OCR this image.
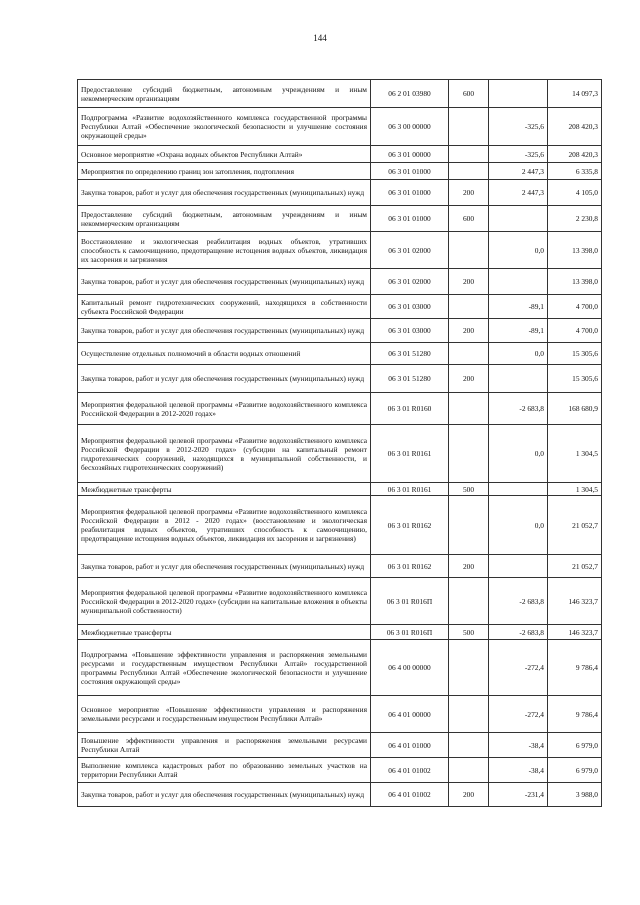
144
Предоставление субсидий бюджетным, автономным учреждениям и иным некоммерческим организациям	06 2 01 03980	600		14 097,3
Подпрограмма «Развитие водохозяйственного комплекса государственной программы Республики Алтай «Обеспечение экологической безопасности и улучшение состояния окружающей среды»	06 3 00 00000		-325,6	208 420,3
Основное мероприятие «Охрана водных объектов Республики Алтай»	06 3 01 00000		-325,6	208 420,3
Мероприятия по определению границ зон затопления, подтопления	06 3 01 01000		2 447,3	6 335,8
Закупка товаров, работ и услуг для обеспечения государственных (муниципальных) нужд	06 3 01 01000	200	2 447,3	4 105,0
Предоставление субсидий бюджетным, автономным учреждениям и иным некоммерческим организациям	06 3 01 01000	600		2 230,8
Восстановление и экологическая реабилитация водных объектов, утративших способность к самоочищению, предотвращение истощения водных объектов, ликвидация их засорения и загрязнения	06 3 01 02000		0,0	13 398,0
Закупка товаров, работ и услуг для обеспечения государственных (муниципальных) нужд	06 3 01 02000	200		13 398,0
Капитальный ремонт гидротехнических сооружений, находящихся в собственности субъекта Российской Федерации	06 3 01 03000		-89,1	4 700,0
Закупка товаров, работ и услуг для обеспечения государственных (муниципальных) нужд	06 3 01 03000	200	-89,1	4 700,0
Осуществление отдельных полномочий в области водных отношений	06 3 01 51280		0,0	15 305,6
Закупка товаров, работ и услуг для обеспечения государственных (муниципальных) нужд	06 3 01 51280	200		15 305,6
Мероприятия федеральной целевой программы «Развитие водохозяйственного комплекса Российской Федерации в 2012-2020 годах»	06 3 01 R0160		-2 683,8	168 680,9
Мероприятия федеральной целевой программы «Развитие водохозяйственного комплекса Российской Федерации в 2012-2020 годах» (субсидии на капитальный ремонт гидротехнических сооружений, находящихся в муниципальной собственности, и бесхозяйных гидротехнических сооружений)	06 3 01 R0161		0,0	1 304,5
Межбюджетные трансферты	06 3 01 R0161	500		1 304,5
Мероприятия федеральной целевой программы «Развитие водохозяйственного комплекса Российской Федерации в 2012 - 2020 годах» (восстановление и экологическая реабилитация водных объектов, утративших способность к самоочищению, предотвращение истощения водных объектов, ликвидация их засорения и загрязнения)	06 3 01 R0162		0,0	21 052,7
Закупка товаров, работ и услуг для обеспечения государственных (муниципальных) нужд	06 3 01 R0162	200		21 052,7
Мероприятия федеральной целевой программы «Развитие водохозяйственного комплекса Российской Федерации в 2012-2020 годах» (субсидии на капитальные вложения в объекты муниципальной собственности)	06 3 01 R016П		-2 683,8	146 323,7
Межбюджетные трансферты	06 3 01 R016П	500	-2 683,8	146 323,7
Подпрограмма «Повышение эффективности управления и распоряжения земельными ресурсами и государственным имуществом Республики Алтай» государственной программы Республики Алтай «Обеспечение экологической безопасности и улучшение состояния окружающей среды»	06 4 00 00000		-272,4	9 786,4
Основное мероприятие «Повышение эффективности управления и распоряжения земельными ресурсами и государственным имуществом Республики Алтай»	06 4 01 00000		-272,4	9 786,4
Повышение эффективности управления и распоряжения земельными ресурсами Республики Алтай	06 4 01 01000		-38,4	6 979,0
Выполнение комплекса кадастровых работ по образованию земельных участков на территории Республики Алтай	06 4 01 01002		-38,4	6 979,0
Закупка товаров, работ и услуг для обеспечения государственных (муниципальных) нужд	06 4 01 01002	200	-231,4	3 988,0
